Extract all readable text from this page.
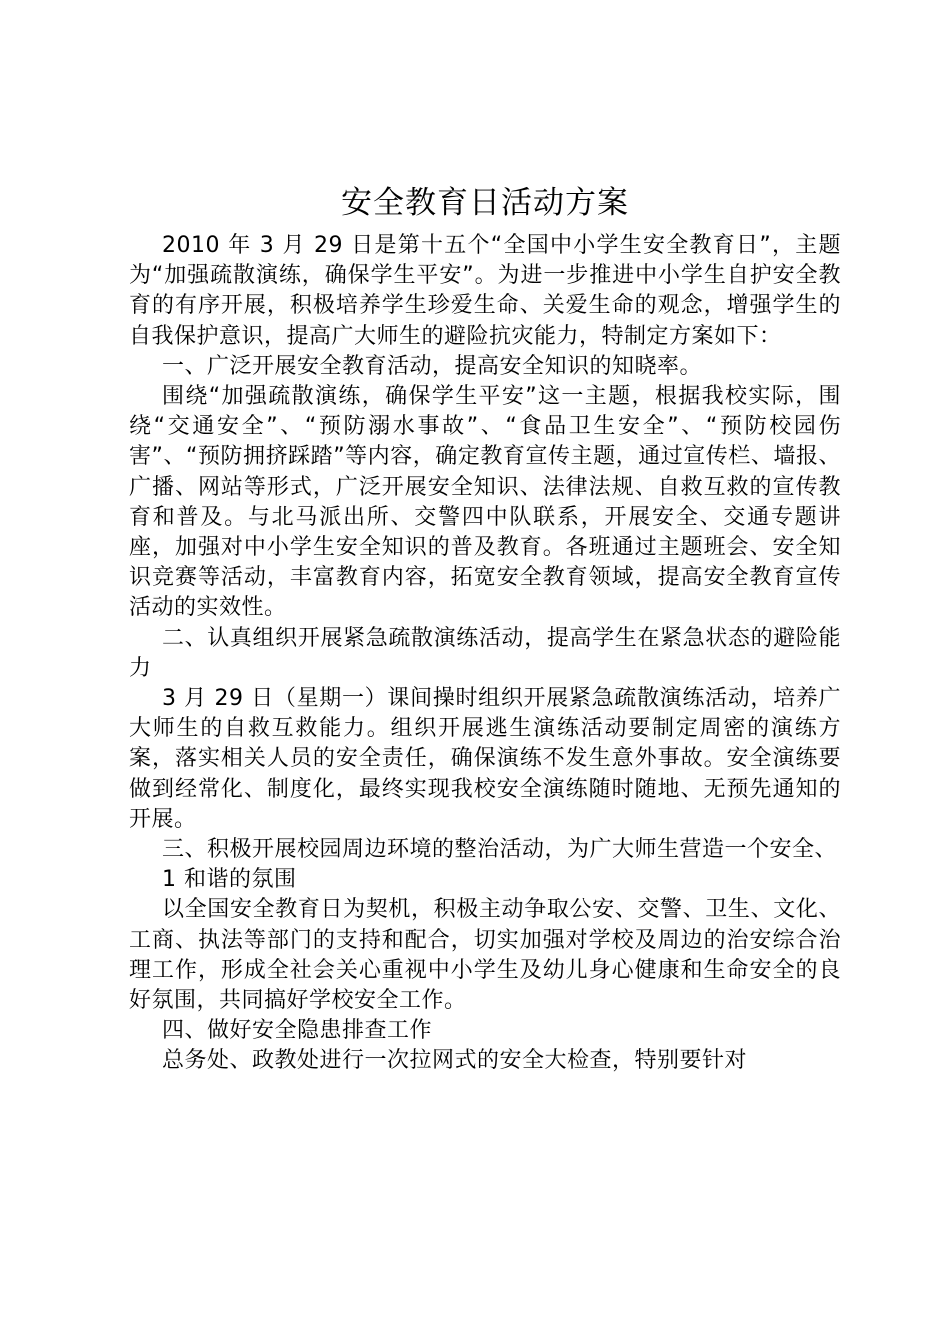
安全教育日活动方案

2010 年 3 月 29 日是第十五个“全国中小学生安全教育日”，主题为“加强疏散演练，确保学生平安”。为进一步推进中小学生自护安全教育的有序开展，积极培养学生珍爱生命、关爱生命的观念，增强学生的自我保护意识，提高广大师生的避险抗灾能力，特制定方案如下：

一、广泛开展安全教育活动，提高安全知识的知晓率。

围绕“加强疏散演练，确保学生平安”这一主题，根据我校实际，围绕“交通安全”、“预防溺水事故”、“食品卫生安全”、“预防校园伤害”、“预防拥挤踩踏”等内容，确定教育宣传主题，通过宣传栏、墙报、广播、网站等形式，广泛开展安全知识、法律法规、自救互救的宣传教育和普及。与北马派出所、交警四中队联系，开展安全、交通专题讲座，加强对中小学生安全知识的普及教育。各班通过主题班会、安全知识竞赛等活动，丰富教育内容，拓宽安全教育领域，提高安全教育宣传活动的实效性。

二、认真组织开展紧急疏散演练活动，提高学生在紧急状态的避险能力

3 月 29 日（星期一）课间操时组织开展紧急疏散演练活动，培养广大师生的自救互救能力。组织开展逃生演练活动要制定周密的演练方案，落实相关人员的安全责任，确保演练不发生意外事故。安全演练要做到经常化、制度化，最终实现我校安全演练随时随地、无预先通知的开展。

三、积极开展校园周边环境的整治活动，为广大师生营造一个安全、

1 和谐的氛围

以全国安全教育日为契机，积极主动争取公安、交警、卫生、文化、工商、执法等部门的支持和配合，切实加强对学校及周边的治安综合治理工作，形成全社会关心重视中小学生及幼儿身心健康和生命安全的良好氛围，共同搞好学校安全工作。

四、做好安全隐患排查工作

总务处、政教处进行一次拉网式的安全大检查，特别要针对
